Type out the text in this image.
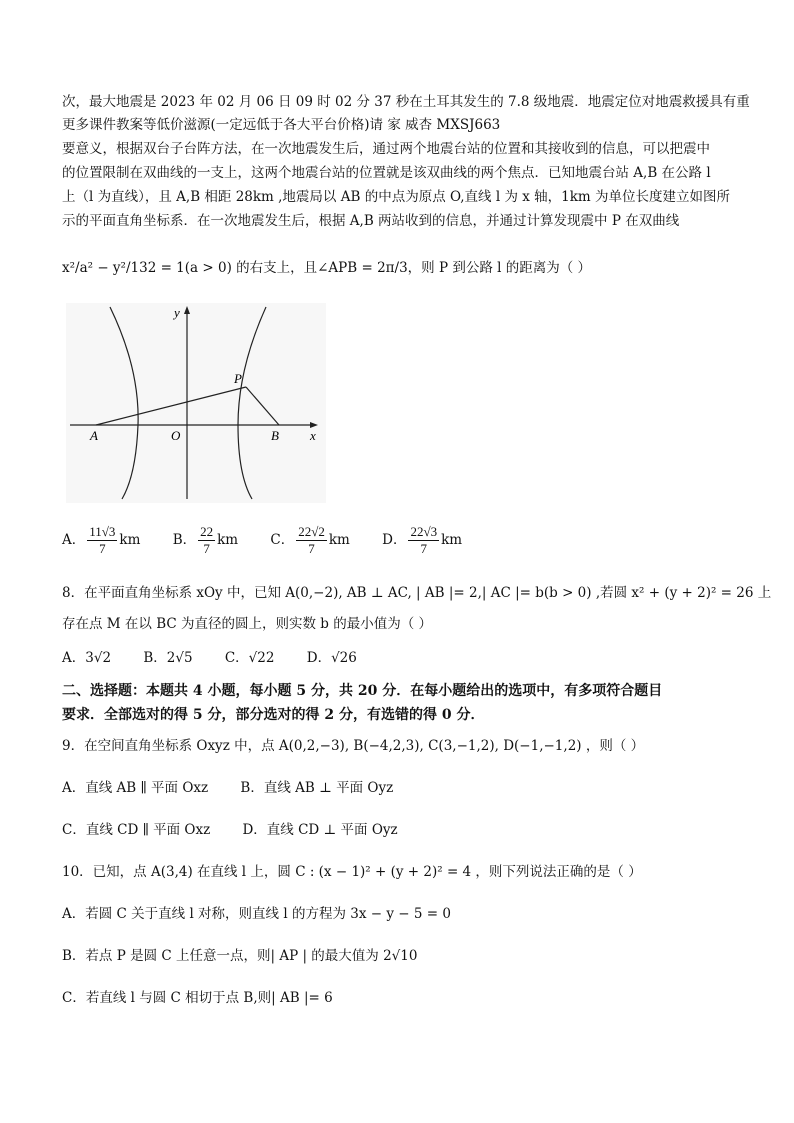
次，最大地震是 2023 年 02 月 06 日 09 时 02 分 37 秒在土耳其发生的 7.8 级地震．地震定位对地震救援具有重
更多课件教案等低价滋源(一定远低于各大平台价格)请 家 威杏 MXSJ663
要意义，根据双台子台阵方法，在一次地震发生后，通过两个地震台站的位置和其接收到的信息，可以把震中
的位置限制在双曲线的一支上，这两个地震台站的位置就是该双曲线的两个焦点．已知地震台站 A,B 在公路 l
上（l 为直线），且 A,B 相距 28km ,地震局以 AB 的中点为原点 O,直线 l 为 x 轴，1km 为单位长度建立如图所
示的平面直角坐标系．在一次地震发生后，根据 A,B 两站收到的信息，并通过计算发现震中 P 在双曲线
x²/a² − y²/132 = 1(a > 0) 的右支上，且∠APB = 2π/3，则 P 到公路 l 的距离为（ ）
y
x
A	O	B
P
A． $\frac{11√3}{7}$ km B． $\frac{22}{7}$ km C． $\frac{22√2}{7}$ km D． $\frac{22√3}{7}$ km
8．在平面直角坐标系 xOy 中，已知 A(0,−2), AB ⊥ AC, | AB |= 2,| AC |= b(b > 0) ,若圆 x² + (y + 2)² = 26 上
存在点 M 在以 BC 为直径的圆上，则实数 b 的最小值为（ ）
A．3√2 B．2√5 C．√22 D．√26
二、选择题：本题共 4 小题，每小题 5 分，共 20 分．在每小题给出的选项中，有多项符合题目
要求．全部选对的得 5 分，部分选对的得 2 分，有选错的得 0 分．
9．在空间直角坐标系 Oxyz 中，点 A(0,2,−3), B(−4,2,3), C(3,−1,2), D(−1,−1,2) ，则（ ）
A．直线 AB ∥ 平面 Oxz B．直线 AB ⊥ 平面 Oyz
C．直线 CD ∥ 平面 Oxz D．直线 CD ⊥ 平面 Oyz
10．已知，点 A(3,4) 在直线 l 上，圆 C : (x − 1)² + (y + 2)² = 4 ，则下列说法正确的是（ ）
A．若圆 C 关于直线 l 对称，则直线 l 的方程为 3x − y − 5 = 0
B．若点 P 是圆 C 上任意一点，则| AP | 的最大值为 2√10
C．若直线 l 与圆 C 相切于点 B,则| AB |= 6
